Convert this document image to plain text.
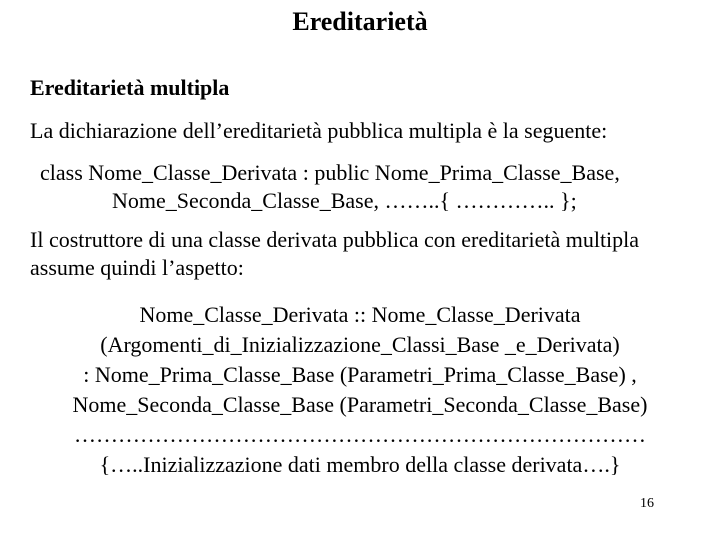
Ereditarietà
Ereditarietà multipla
La dichiarazione dell’ereditarietà pubblica multipla è la seguente:
class Nome_Classe_Derivata : public Nome_Prima_Classe_Base,
Nome_Seconda_Classe_Base, ……..{ ………….. };
Il costruttore di una classe derivata pubblica con ereditarietà multipla
assume quindi l’aspetto:
Nome_Classe_Derivata :: Nome_Classe_Derivata
(Argomenti_di_Inizializzazione_Classi_Base _e_Derivata)
: Nome_Prima_Classe_Base (Parametri_Prima_Classe_Base) ,
Nome_Seconda_Classe_Base (Parametri_Seconda_Classe_Base)
……………………………………………………………………
{…..Inizializzazione dati membro della classe derivata….}
16
